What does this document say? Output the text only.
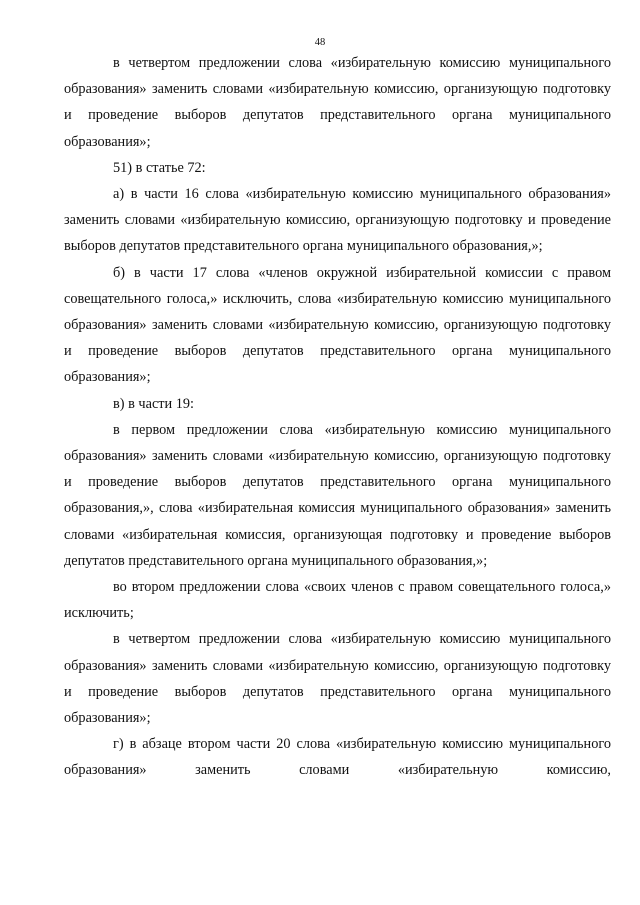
48

в четвертом предложении слова «избирательную комиссию муниципального образования» заменить словами «избирательную комиссию, организующую подготовку и проведение выборов депутатов представительного органа муниципального образования»;

51) в статье 72:

а) в части 16 слова «избирательную комиссию муниципального образования» заменить словами «избирательную комиссию, организующую подготовку и проведение выборов депутатов представительного органа муниципального образования,»;

б) в части 17 слова «членов окружной избирательной комиссии с правом совещательного голоса,» исключить, слова «избирательную комиссию муниципального образования» заменить словами «избирательную комиссию, организующую подготовку и проведение выборов депутатов представительного органа муниципального образования»;

в) в части 19:

в первом предложении слова «избирательную комиссию муниципального образования» заменить словами «избирательную комиссию, организующую подготовку и проведение выборов депутатов представительного органа муниципального образования,», слова «избирательная комиссия муниципального образования» заменить словами «избирательная комиссия, организующая подготовку и проведение выборов депутатов представительного органа муниципального образования,»;

во втором предложении слова «своих членов с правом совещательного голоса,» исключить;

в четвертом предложении слова «избирательную комиссию муниципального образования» заменить словами «избирательную комиссию, организующую подготовку и проведение выборов депутатов представительного органа муниципального образования»;

г) в абзаце втором части 20 слова «избирательную комиссию муниципального образования» заменить словами «избирательную комиссию,
